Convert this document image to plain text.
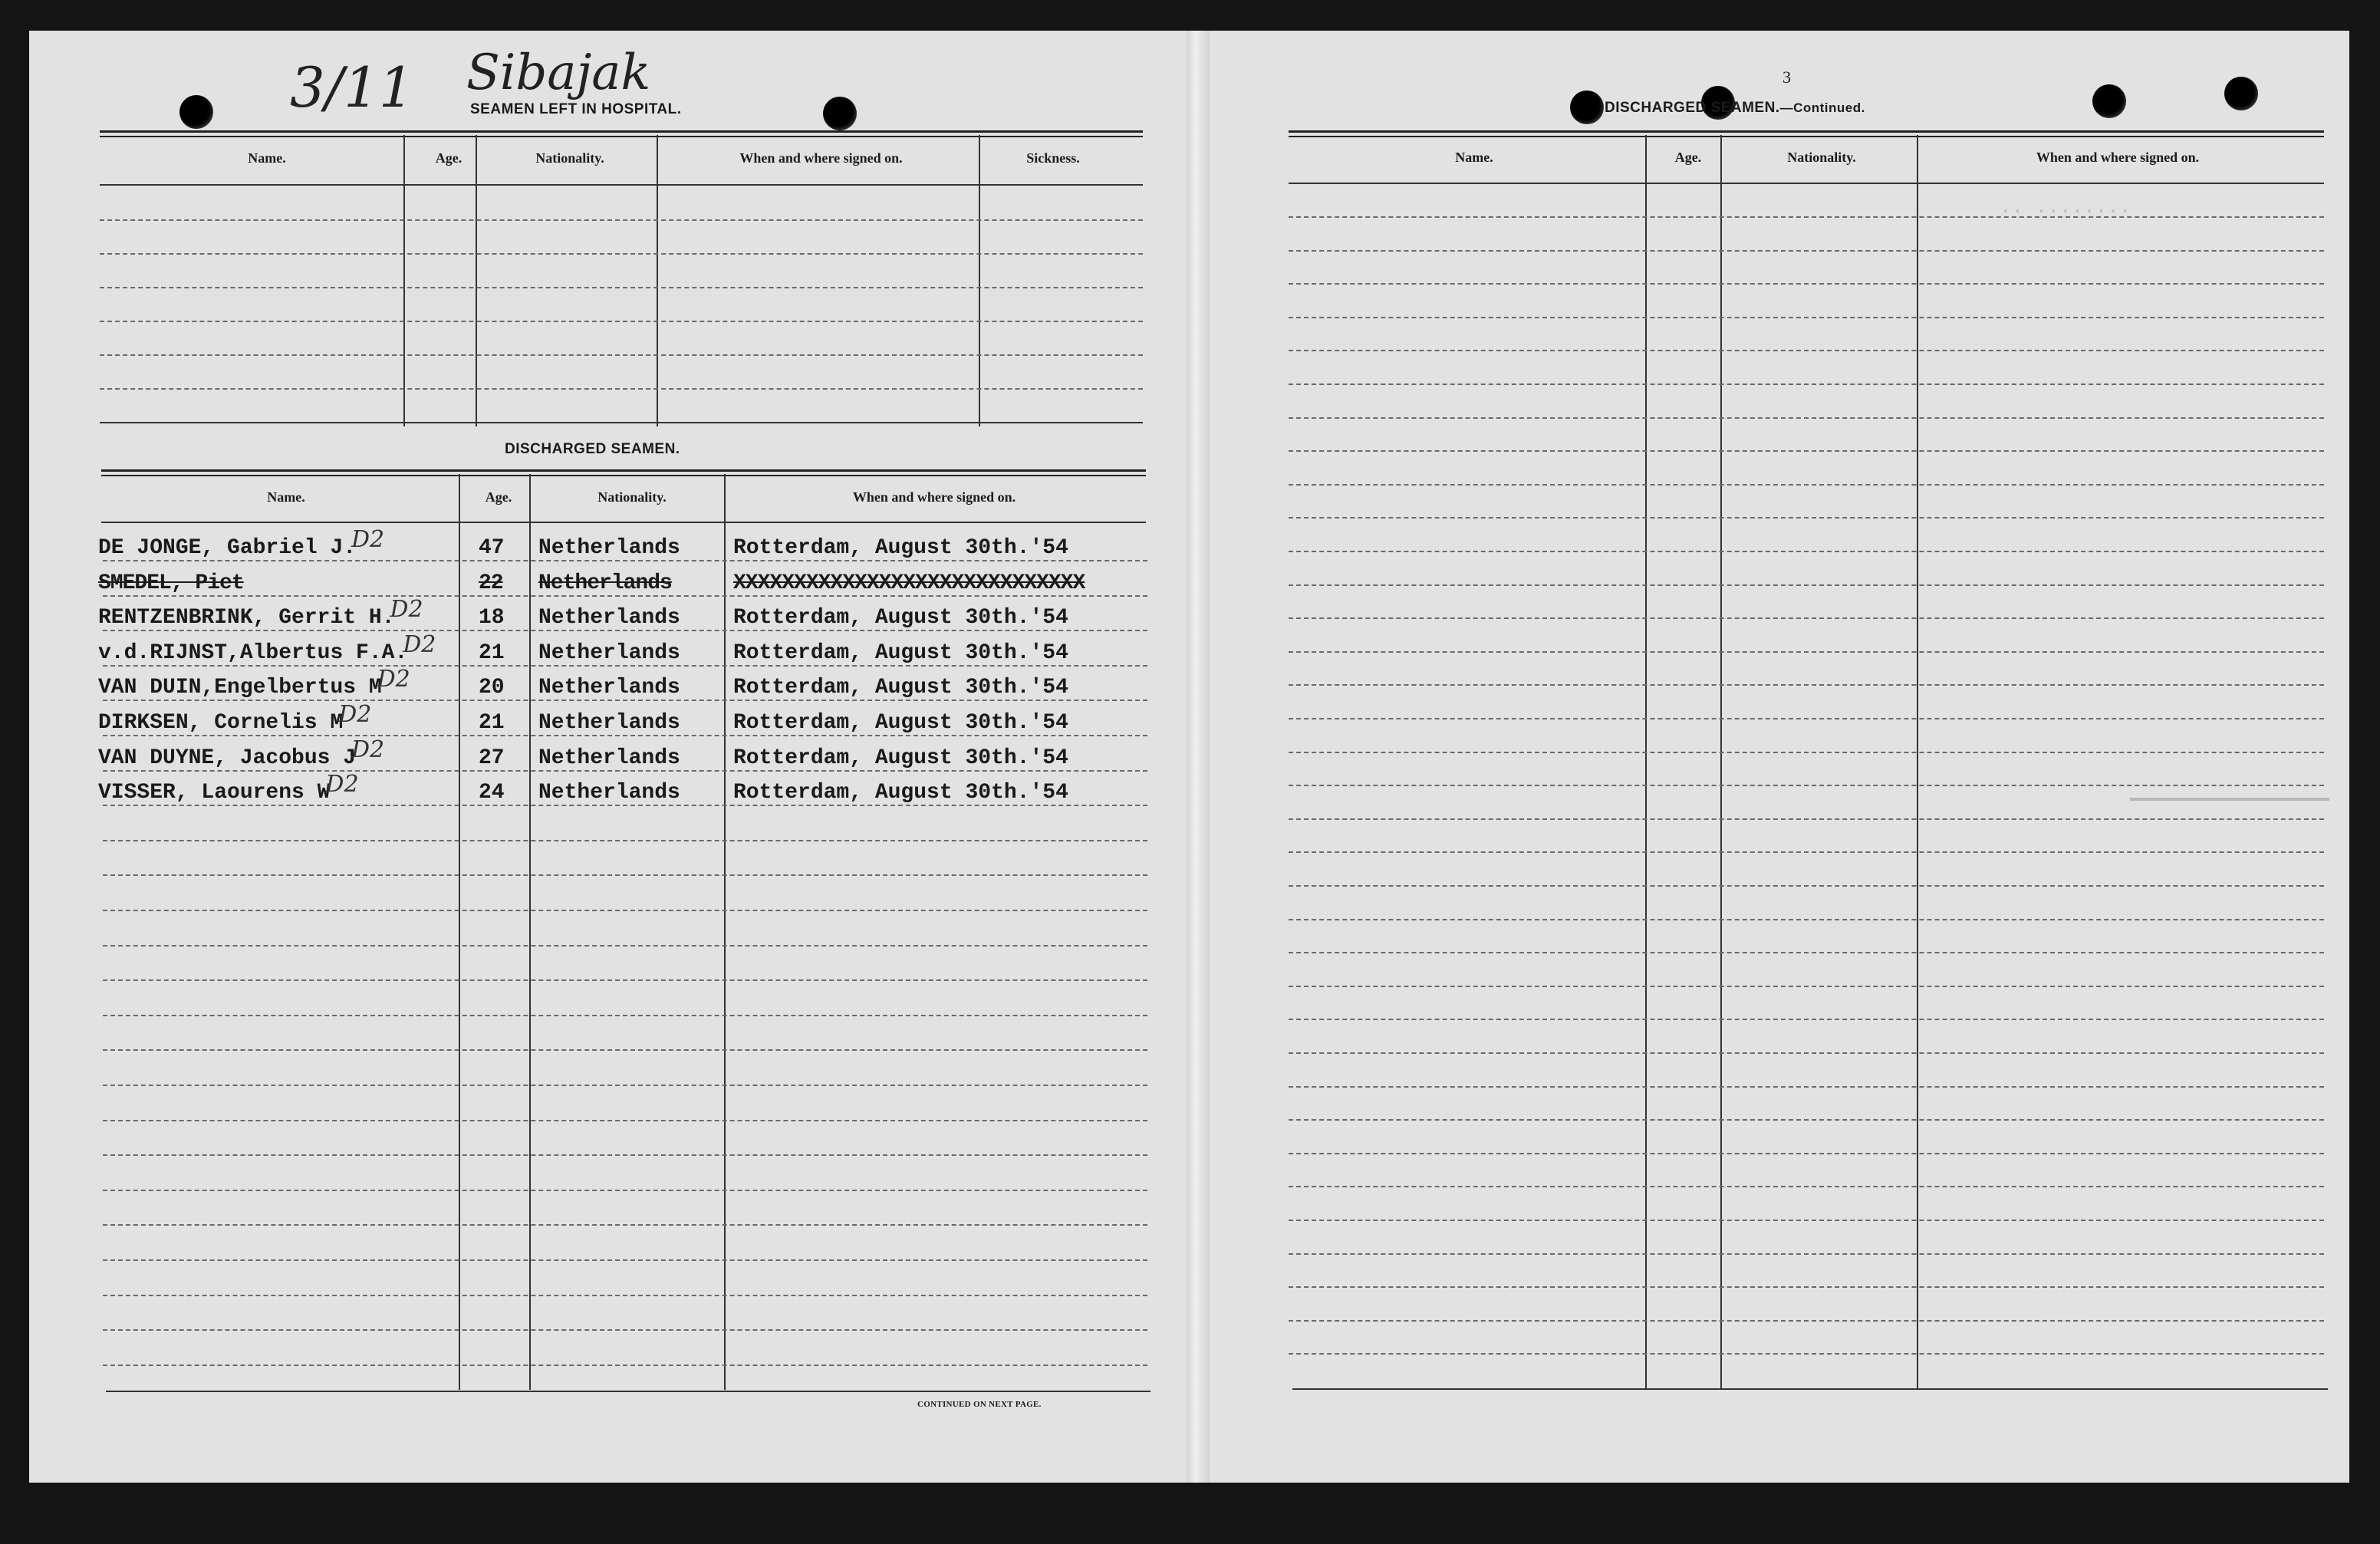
3/11 Sibajak
SEAMEN LEFT IN HOSPITAL.
Name.	Age.	Nationality.	When and where signed on.	Sickness.
DISCHARGED SEAMEN.
Name.	Age.	Nationality.	When and where signed on.
DE JONGE, Gabriel J.	47 Netherlands Rotterdam, August 30th.'54
D2
SMEDEL, Piet	22 Netherlands	XXXXXXXXXXXXXXXXXXXXXXXXXXXXX
RENTZENBRINK, Gerrit H.	18 Netherlands Rotterdam, August 30th.'54
D2
v.d.RIJNST,Albertus F.A.	21 Netherlands Rotterdam, August 30th.'54
D2
VAN DUIN,Engelbertus M	20 Netherlands Rotterdam, August 30th.'54
D2
DIRKSEN, Cornelis M	21 Netherlands Rotterdam, August 30th.'54
D2
VAN DUYNE, Jacobus J	27 Netherlands Rotterdam, August 30th.'54
D2
VISSER, Laourens W	24 Netherlands Rotterdam, August 30th.'54
D2
CONTINUED ON NEXT PAGE.
3
DISCHARGED SEAMEN.—Continued.
Name.	Age.	Nationality.	When and where signed on.
........ ..
